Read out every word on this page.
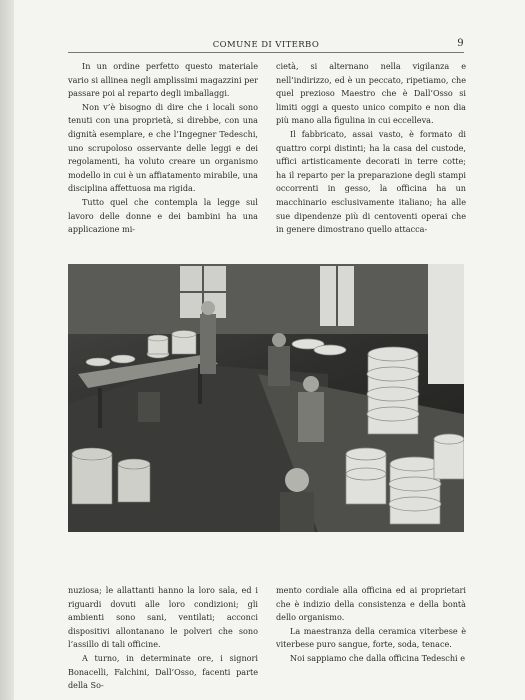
COMUNE DI VITERBO	9

In un ordine perfetto questo materiale vario si allinea negli amplissimi magazzini per passare poi al reparto degli imballaggi.

Non v’è bisogno di dire che i locali sono tenuti con una proprietà, si direbbe, con una dignità esemplare, e che l’Ingegner Tedeschi, uno scrupoloso osservante delle leggi e dei regolamenti, ha voluto creare un organismo modello in cui è un affiatamento mirabile, una disciplina affettuosa ma rigida.

Tutto quel che contempla la legge sul lavoro delle donne e dei bambini ha una applicazione mi-

cietà, si alternano nella vigilanza e nell’indirizzo, ed è un peccato, ripetiamo, che quel prezioso Maestro che è Dall’Osso si limiti oggi a questo unico compito e non dia più mano alla figulina in cui eccelleva.

Il fabbricato, assai vasto, è formato di quattro corpi distinti; ha la casa del custode, uffici artisticamente decorati in terre cotte; ha il reparto per la preparazione degli stampi occorrenti in gesso, la officina ha un macchinario esclusivamente italiano; ha alle sue dipendenze più di centoventi operai che in genere dimostrano quello attacca-

nuziosa; le allattanti hanno la loro sala, ed i riguardi dovuti alle loro condizioni; gli ambienti sono sani, ventilati; acconci dispositivi allontanano le polveri che sono l’assillo di tali officine.

A turno, in determinate ore, i signori Bonacelli, Falchini, Dall’Osso, facenti parte della So-

mento cordiale alla officina ed ai proprietari che è indizio della consistenza e della bontà dello organismo.

La maestranza della ceramica viterbese è viterbese puro sangue, forte, soda, tenace.

Noi sappiamo che dalla officina Tedeschi e
